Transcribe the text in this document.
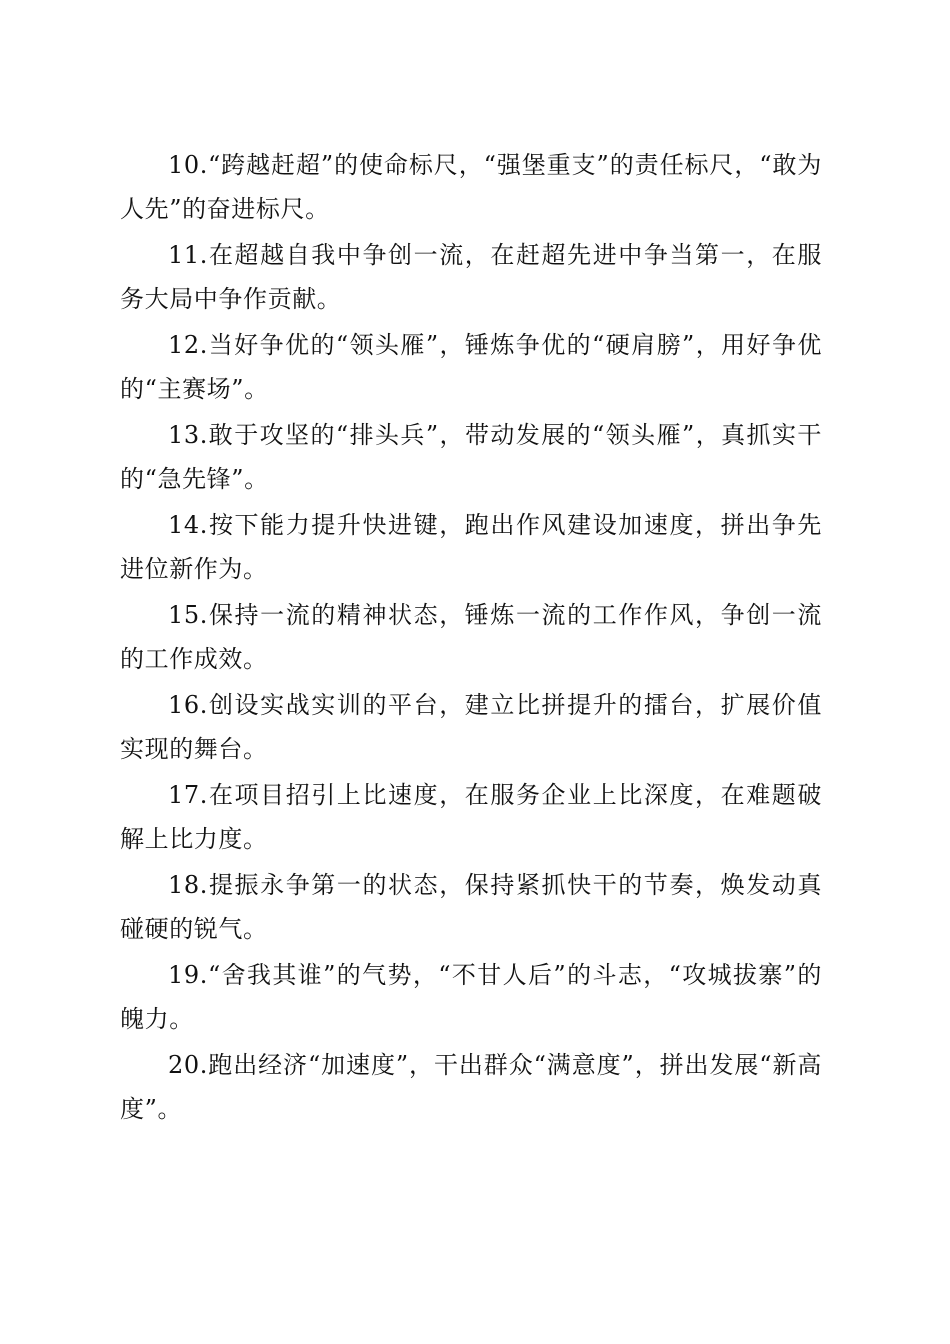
10.“跨越赶超”的使命标尺，“强堡重支”的责任标尺，“敢为人先”的奋进标尺。

11.在超越自我中争创一流，在赶超先进中争当第一，在服务大局中争作贡献。

12.当好争优的“领头雁”，锤炼争优的“硬肩膀”，用好争优的“主赛场”。

13.敢于攻坚的“排头兵”，带动发展的“领头雁”，真抓实干的“急先锋”。

14.按下能力提升快进键，跑出作风建设加速度，拼出争先进位新作为。

15.保持一流的精神状态，锤炼一流的工作作风，争创一流的工作成效。

16.创设实战实训的平台，建立比拼提升的擂台，扩展价值实现的舞台。

17.在项目招引上比速度，在服务企业上比深度，在难题破解上比力度。

18.提振永争第一的状态，保持紧抓快干的节奏，焕发动真碰硬的锐气。

19.“舍我其谁”的气势，“不甘人后”的斗志，“攻城拔寨”的魄力。

20.跑出经济“加速度”，干出群众“满意度”，拼出发展“新高度”。
